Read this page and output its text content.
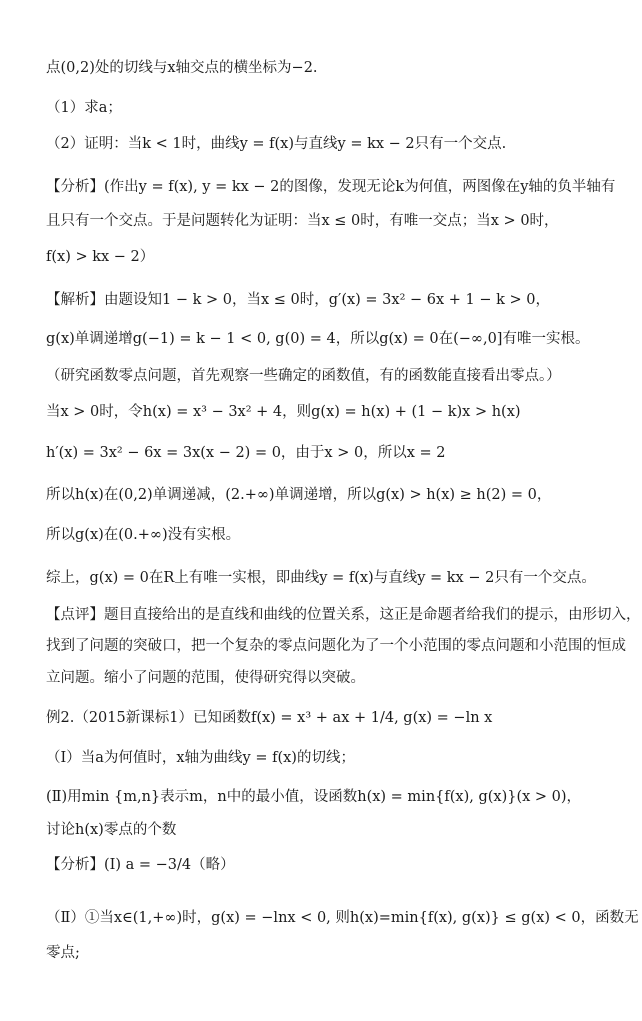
点(0,2)处的切线与x轴交点的横坐标为−2.
（1）求a；
（2）证明：当k < 1时，曲线y = f(x)与直线y = kx − 2只有一个交点.
【分析】(作出y = f(x), y = kx − 2的图像，发现无论k为何值，两图像在y轴的负半轴有
且只有一个交点。于是问题转化为证明：当x ≤ 0时，有唯一交点；当x > 0时，
f(x) > kx − 2）
【解析】由题设知1 − k > 0，当x ≤ 0时，g′(x) = 3x² − 6x + 1 − k > 0，
g(x)单调递增g(−1) = k − 1 < 0, g(0) = 4，所以g(x) = 0在(−∞,0]有唯一实根。
（研究函数零点问题，首先观察一些确定的函数值，有的函数能直接看出零点。）
当x > 0时，令h(x) = x³ − 3x² + 4，则g(x) = h(x) + (1 − k)x > h(x)
h′(x) = 3x² − 6x = 3x(x − 2) = 0，由于x > 0，所以x = 2
所以h(x)在(0,2)单调递减，(2.+∞)单调递增，所以g(x) > h(x) ≥ h(2) = 0，
所以g(x)在(0.+∞)没有实根。
综上，g(x) = 0在R上有唯一实根，即曲线y = f(x)与直线y = kx − 2只有一个交点。
【点评】题目直接给出的是直线和曲线的位置关系，这正是命题者给我们的提示，由形切入，
找到了问题的突破口，把一个复杂的零点问题化为了一个小范围的零点问题和小范围的恒成
立问题。缩小了问题的范围，使得研究得以突破。
例2.（2015新课标1）已知函数f(x) = x³ + ax + 1/4, g(x) = −ln x
（Ⅰ）当a为何值时，x轴为曲线y = f(x)的切线；
(Ⅱ)用min {m,n}表示m，n中的最小值，设函数h(x) = min{f(x), g(x)}(x > 0)，
讨论h(x)零点的个数
【分析】(Ⅰ) a = −3/4（略）
（Ⅱ）①当x∈(1,+∞)时，g(x) = −lnx < 0, 则h(x)=min{f(x), g(x)} ≤ g(x) < 0，函数无
零点;
